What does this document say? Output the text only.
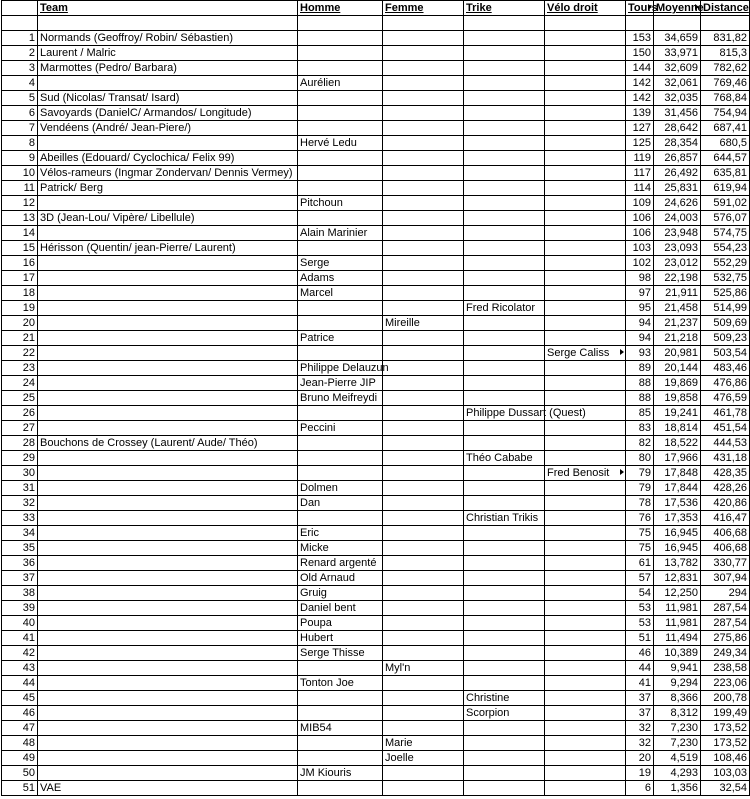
	Team	Homme	Femme	Trike	Vélo droit	Tours	Moyenne	Distance

1	Normands (Geoffroy/ Robin/ Sébastien)					153	34,659	831,82
2	Laurent / Malric					150	33,971	815,3
3	Marmottes (Pedro/ Barbara)					144	32,609	782,62
4		Aurélien				142	32,061	769,46
5	Sud (Nicolas/ Transat/ Isard)					142	32,035	768,84
6	Savoyards (DanielC/ Armandos/ Longitude)					139	31,456	754,94
7	Vendéens (André/ Jean-Piere/)					127	28,642	687,41
8		Hervé Ledu				125	28,354	680,5
9	Abeilles (Edouard/ Cyclochica/ Felix 99)					119	26,857	644,57
10	Vélos-rameurs (Ingmar Zondervan/ Dennis Vermey)					117	26,492	635,81
11	Patrick/ Berg					114	25,831	619,94
12		Pitchoun				109	24,626	591,02
13	3D (Jean-Lou/ Vipère/ Libellule)					106	24,003	576,07
14		Alain Marinier				106	23,948	574,75
15	Hérisson (Quentin/ jean-Pierre/ Laurent)					103	23,093	554,23
16		Serge				102	23,012	552,29
17		Adams				98	22,198	532,75
18		Marcel				97	21,911	525,86
19				Fred Ricolator		95	21,458	514,99
20			Mireille			94	21,237	509,69
21		Patrice				94	21,218	509,23
22					Serge Caliss	93	20,981	503,54
23		Philippe Delauzun				89	20,144	483,46
24		Jean-Pierre JIP				88	19,869	476,86
25		Bruno Meifreydi				88	19,858	476,59
26				Philippe Dussart (Quest)		85	19,241	461,78
27		Peccini				83	18,814	451,54
28	Bouchons de Crossey (Laurent/ Aude/ Théo)					82	18,522	444,53
29				Théo Cababe		80	17,966	431,18
30					Fred Benosit	79	17,848	428,35
31		Dolmen				79	17,844	428,26
32		Dan				78	17,536	420,86
33				Christian Trikis		76	17,353	416,47
34		Eric				75	16,945	406,68
35		Micke				75	16,945	406,68
36		Renard argenté				61	13,782	330,77
37		Old Arnaud				57	12,831	307,94
38		Gruig				54	12,250	294
39		Daniel bent				53	11,981	287,54
40		Poupa				53	11,981	287,54
41		Hubert				51	11,494	275,86
42		Serge Thisse				46	10,389	249,34
43			Myl'n			44	9,941	238,58
44		Tonton Joe				41	9,294	223,06
45				Christine		37	8,366	200,78
46				Scorpion		37	8,312	199,49
47		MIB54				32	7,230	173,52
48			Marie			32	7,230	173,52
49			Joelle			20	4,519	108,46
50		JM Kiouris				19	4,293	103,03
51	VAE					6	1,356	32,54
